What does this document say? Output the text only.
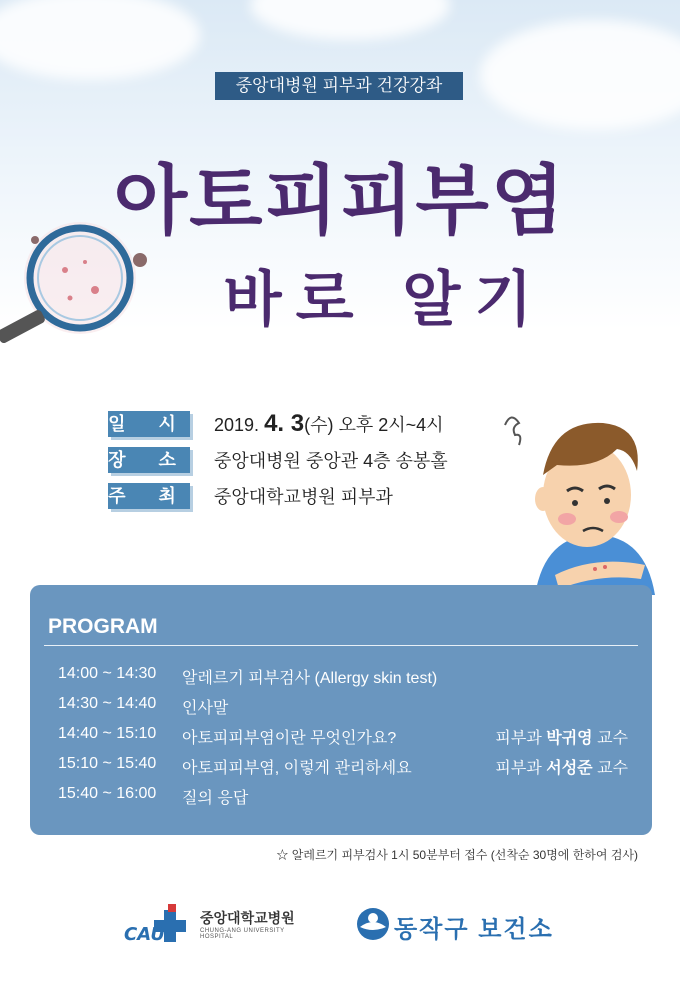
중앙대병원 피부과 건강강좌
아토피피부염
바로 알기
일 시 2019. 4. 3(수) 오후 2시~4시
장 소 중앙대병원 중앙관 4층 송봉홀
주 최 중앙대학교병원 피부과
PROGRAM
14:00 ~ 14:30 알레르기 피부검사 (Allergy skin test)
14:30 ~ 14:40 인사말
14:40 ~ 15:10 아토피피부염이란 무엇인가요?	피부과 박귀영 교수
15:10 ~ 15:40 아토피피부염, 이렇게 관리하세요	피부과 서성준 교수
15:40 ~ 16:00 질의 응답
☆ 알레르기 피부검사 1시 50분부터 접수 (선착순 30명에 한하여 검사)
CAU
중앙대학교병원
CHUNG-ANG UNIVERSITY HOSPITAL	동작구 보건소
